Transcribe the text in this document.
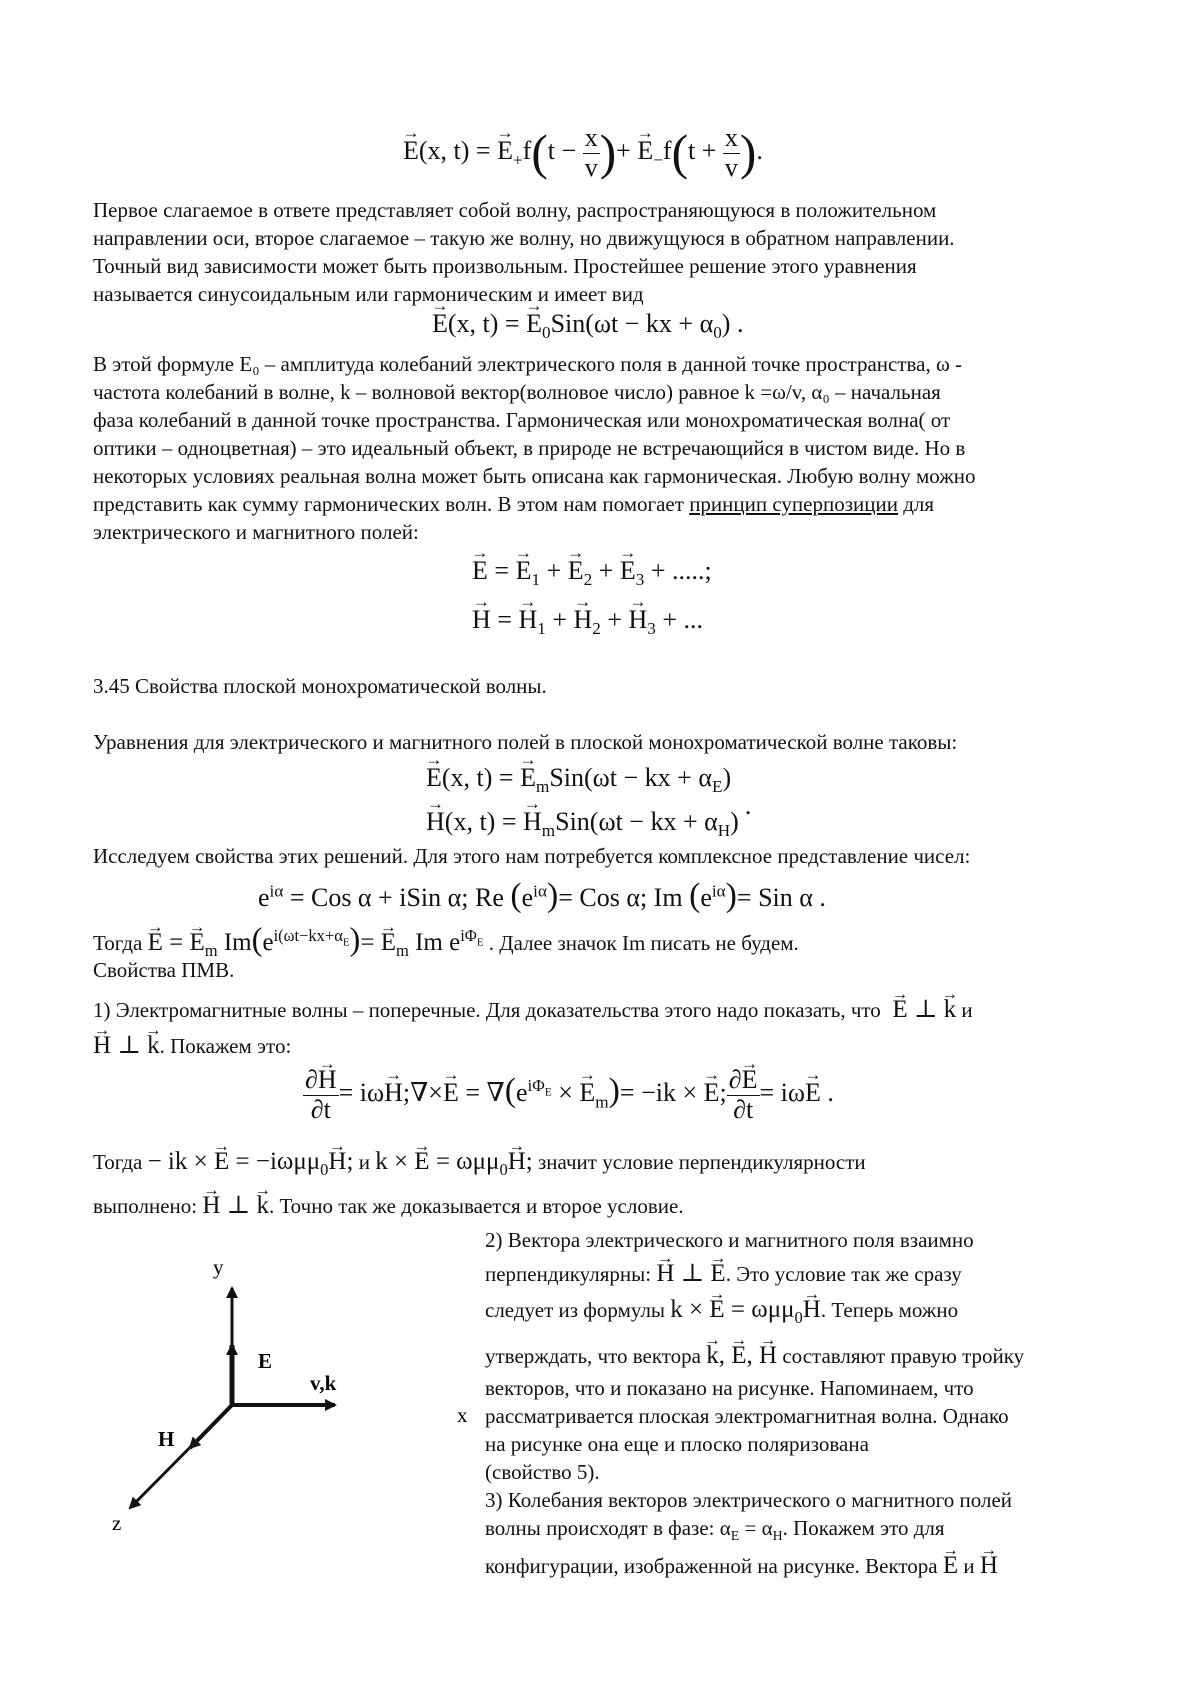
→ E(x, t) = → $E_+f(t - \frac{x}{v}$ )+ → $E_-f(t + \frac{x}{v}$ ).
Первое слагаемое в ответе представляет собой волну, распространяющуюся в положительном
направлении оси, второе слагаемое – такую же волну, но движущуюся в обратном направлении.
Точный вид зависимости может быть произвольным. Простейшее решение этого уравнения
называется синусоидальным или гармоническим и имеет вид
→ E(x, t) = → $E_0Sin(\omega t$ − kx + $\alpha_0$) .
В этой формуле E₀ – амплитуда колебаний электрического поля в данной точке пространства, ω -
частота колебаний в волне, k – волновой вектор(волновое число) равное k =ω/v, α₀ – начальная
фаза колебаний в данной точке пространства. Гармоническая или монохроматическая волна( от
оптики – одноцветная) – это идеальный объект, в природе не встречающийся в чистом виде. Но в
некоторых условиях реальная волна может быть описана как гармоническая. Любую волну можно
представить как сумму гармонических волн. В этом нам помогает принцип суперпозиции для
электрического и магнитного полей:
→ E = → $E_1$ + → $E_2$ + → $E_3$ + .....;
→ H = → $H_1$ + → $H_2$ + → $H_3$ + ...
3.45 Свойства плоской монохроматической волны.
Уравнения для электрического и магнитного полей в плоской монохроматической волне таковы:
→ E(x, t) = → $E_mSin(\omega t$ − kx + $\alpha_E$)
→ H(x, t) = → $H_mSin(\omega t$ − kx + $\alpha_H$).
Исследуем свойства этих решений. Для этого нам потребуется комплексное представление чисел:
$e^{i\alpha}$ = Cos α + iSin α; Re $(e^{i\alpha})=$ Cos α; Im $(e^{i\alpha})=$ Sin α .
Тогда → E = → $E_m$ $Im(e^{i(\omega t-kx+\alpha_E})= \to E_m$ Im $e^{i\Phi_E}$ . Далее значок Im писать не будем.
Свойства ПМВ.
1) Электромагнитные волны – поперечные. Для доказательства этого надо показать, что → E ⊥ → k и
→ H ⊥ → k. Покажем это:
$\frac{\partial\to H}{\partial t} = i\omega\to$ H;∇×→ $E = \nabla(e^{i\Phi_E}$ × → $E_m)= -ik$ × → E; $\frac{\partial\to E}{\partial t} = i\omega\to E$ .
Тогда − ik × → E = −iωμμ$_0$→ H; и k × → E = ωμμ$_0$→ H; значит условие перпендикулярности
выполнено: → H ⊥ → k. Точно так же доказывается и второе условие.
2) Вектора электрического и магнитного поля взаимно
перпендикулярны: → H ⊥ → E. Это условие так же сразу
следует из формулы k × → E = ωμμ$_0$→ H. Теперь можно
утверждать, что вектора → k, → E, → H составляют правую тройку
векторов, что и показано на рисунке. Напоминаем, что
рассматривается плоская электромагнитная волна. Однако
на рисунке она еще и плоско поляризована
(свойство 5).
3) Колебания векторов электрического о магнитного полей
волны происходят в фазе: $\alpha_E = \alpha_H$. Покажем это для
конфигурации, изображенной на рисунке. Вектора → E и → H
y
E
v,k
x
H
z
